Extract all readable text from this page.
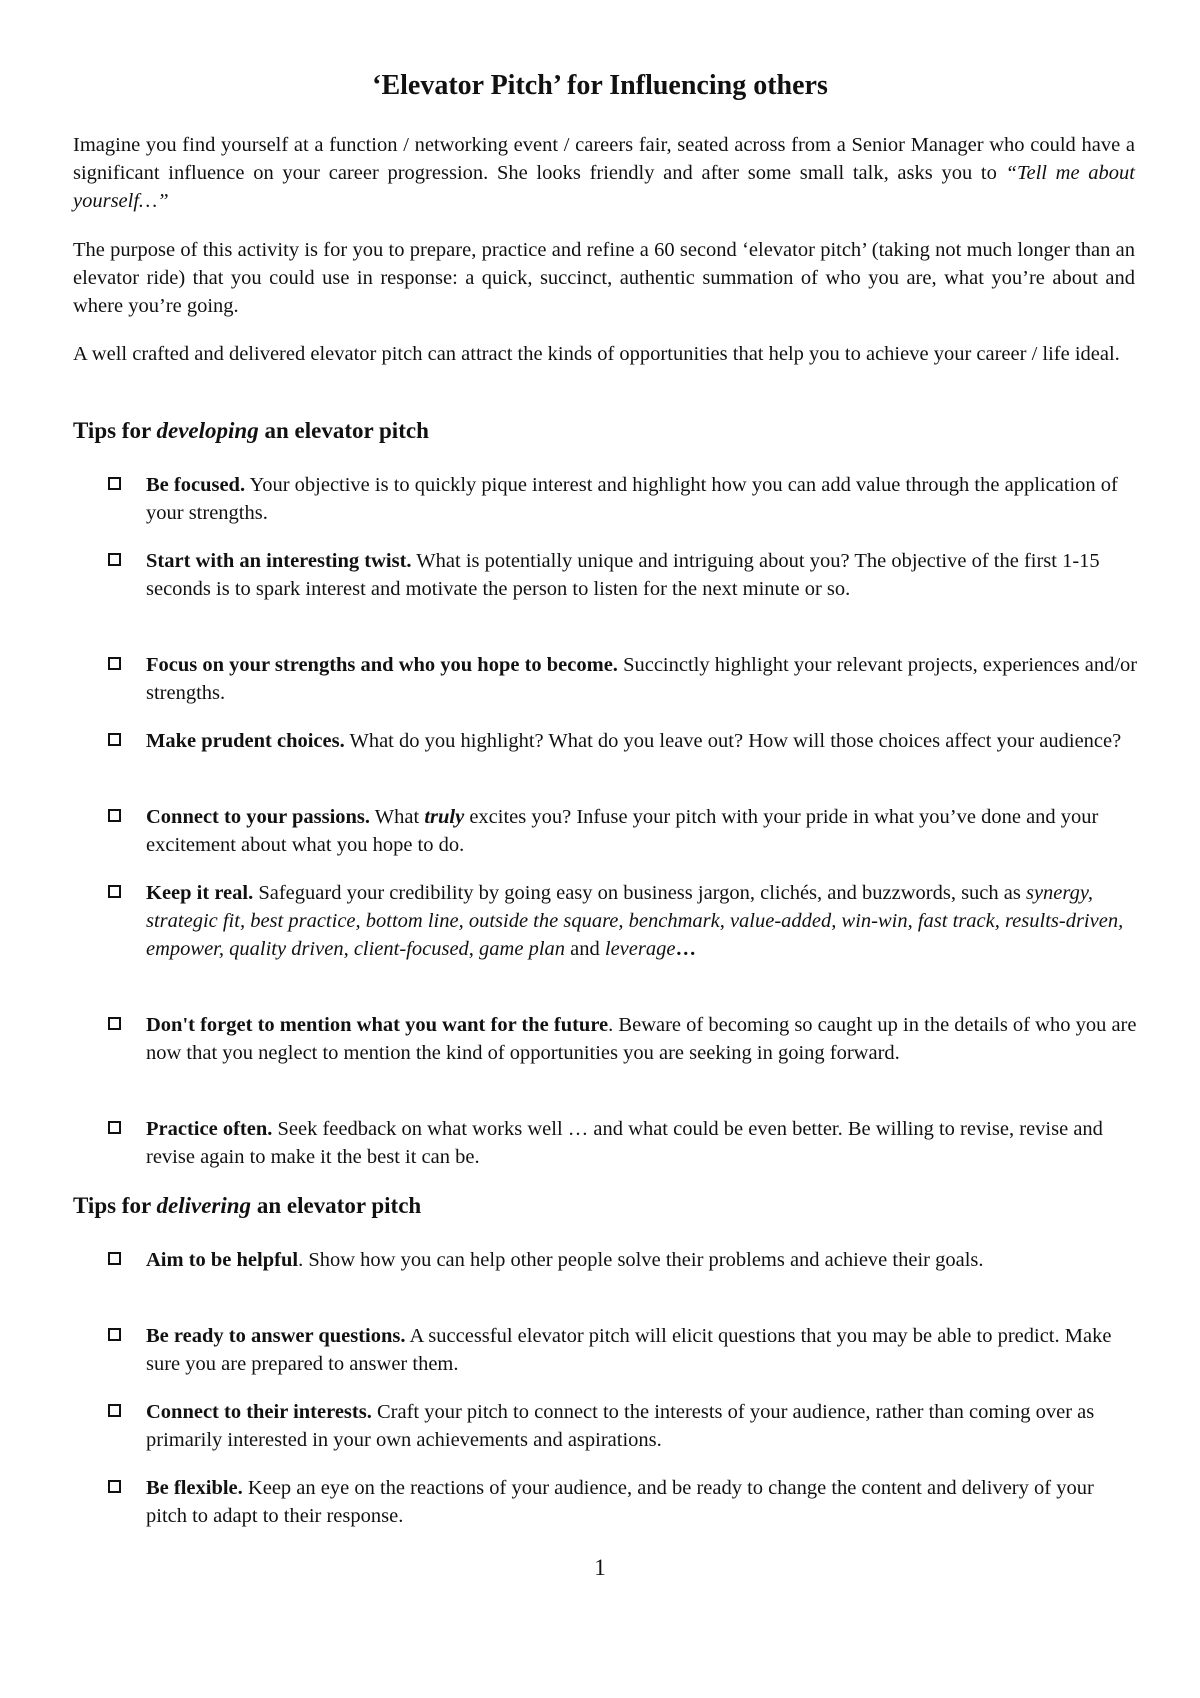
‘Elevator Pitch’ for Influencing others

Imagine you find yourself at a function / networking event / careers fair, seated across from a Senior Manager who could have a significant influence on your career progression. She looks friendly and after some small talk, asks you to “Tell me about yourself…”

The purpose of this activity is for you to prepare, practice and refine a 60 second ‘elevator pitch’ (taking not much longer than an elevator ride) that you could use in response: a quick, succinct, authentic summation of who you are, what you’re about and where you’re going.

A well crafted and delivered elevator pitch can attract the kinds of opportunities that help you to achieve your career / life ideal.

Tips for developing an elevator pitch
Be focused. Your objective is to quickly pique interest and highlight how you can add value through the application of your strengths.
Start with an interesting twist. What is potentially unique and intriguing about you? The objective of the first 1-15 seconds is to spark interest and motivate the person to listen for the next minute or so.
Focus on your strengths and who you hope to become. Succinctly highlight your relevant projects, experiences and/or strengths.
Make prudent choices. What do you highlight? What do you leave out? How will those choices affect your audience?
Connect to your passions. What truly excites you? Infuse your pitch with your pride in what you’ve done and your excitement about what you hope to do.
Keep it real. Safeguard your credibility by going easy on business jargon, clichés, and buzzwords, such as synergy, strategic fit, best practice, bottom line, outside the square, benchmark, value-added, win-win, fast track, results-driven, empower, quality driven, client-focused, game plan and leverage…
Don't forget to mention what you want for the future. Beware of becoming so caught up in the details of who you are now that you neglect to mention the kind of opportunities you are seeking in going forward.
Practice often. Seek feedback on what works well … and what could be even better. Be willing to revise, revise and revise again to make it the best it can be.
Tips for delivering an elevator pitch
Aim to be helpful. Show how you can help other people solve their problems and achieve their goals.
Be ready to answer questions. A successful elevator pitch will elicit questions that you may be able to predict. Make sure you are prepared to answer them.
Connect to their interests. Craft your pitch to connect to the interests of your audience, rather than coming over as primarily interested in your own achievements and aspirations.
Be flexible. Keep an eye on the reactions of your audience, and be ready to change the content and delivery of your pitch to adapt to their response.

1
